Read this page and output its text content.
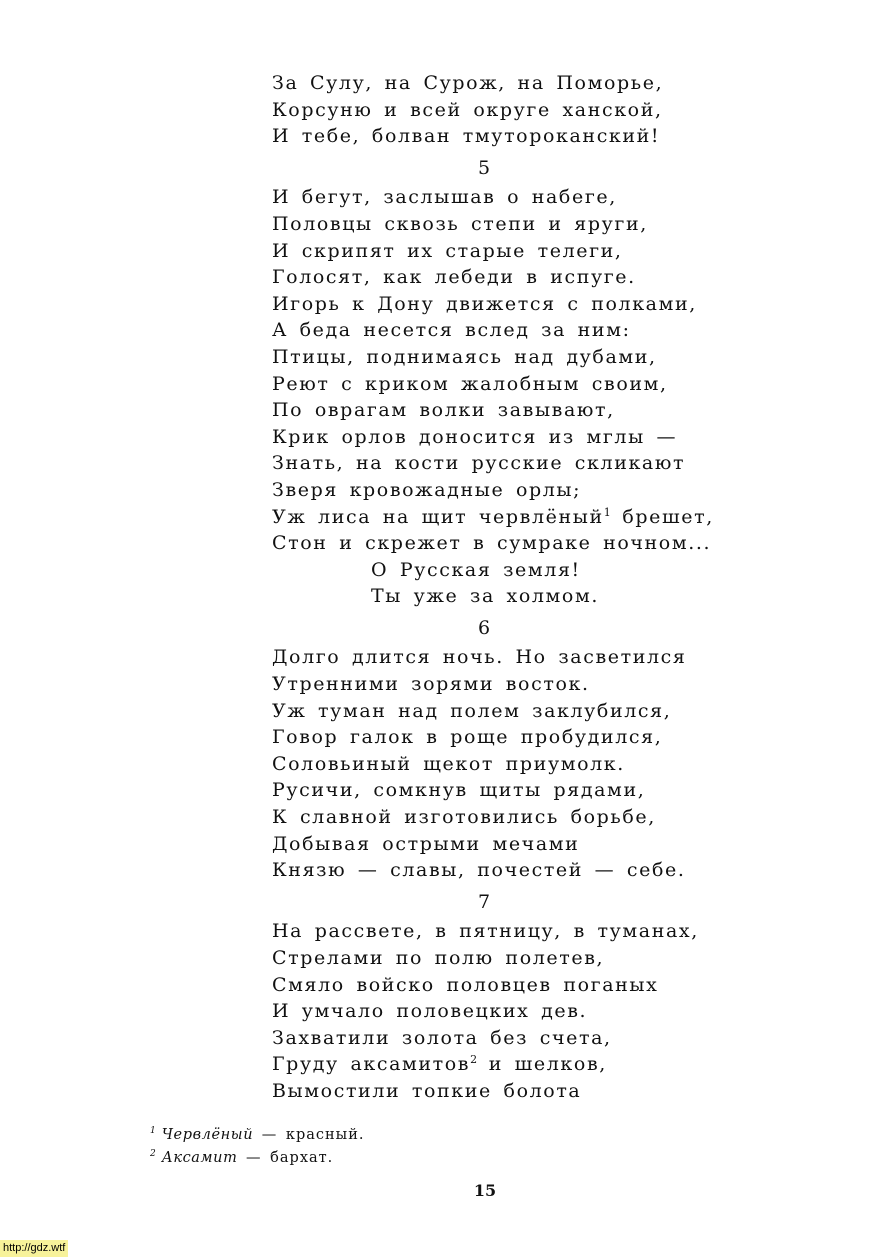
За Сулу, на Сурож, на Поморье,
Корсуню и всей округе ханской,
И тебе, болван тмутороканский!
5
И бегут, заслышав о набеге,
Половцы сквозь степи и яруги,
И скрипят их старые телеги,
Голосят, как лебеди в испуге.
Игорь к Дону движется с полками,
А беда несется вслед за ним:
Птицы, поднимаясь над дубами,
Реют с криком жалобным своим,
По оврагам волки завывают,
Крик орлов доносится из мглы —
Знать, на кости русские скликают
Зверя кровожадные орлы;
Уж лиса на щит червлёный$^1$ брешет,
Стон и скрежет в сумраке ночном...
О Русская земля!
Ты уже за холмом.
6
Долго длится ночь. Но засветился
Утренними зорями восток.
Уж туман над полем заклубился,
Говор галок в роще пробудился,
Соловьиный щекот приумолк.
Русичи, сомкнув щиты рядами,
К славной изготовились борьбе,
Добывая острыми мечами
Князю — славы, почестей — себе.
7
На рассвете, в пятницу, в туманах,
Стрелами по полю полетев,
Смяло войско половцев поганых
И умчало половецких дев.
Захватили золота без счета,
Груду аксамитов$^2$ и шелков,
Вымостили топкие болота
$^1$ Червлёный — красный.
$^2$ Аксамит — бархат.
15
http://gdz.wtf
